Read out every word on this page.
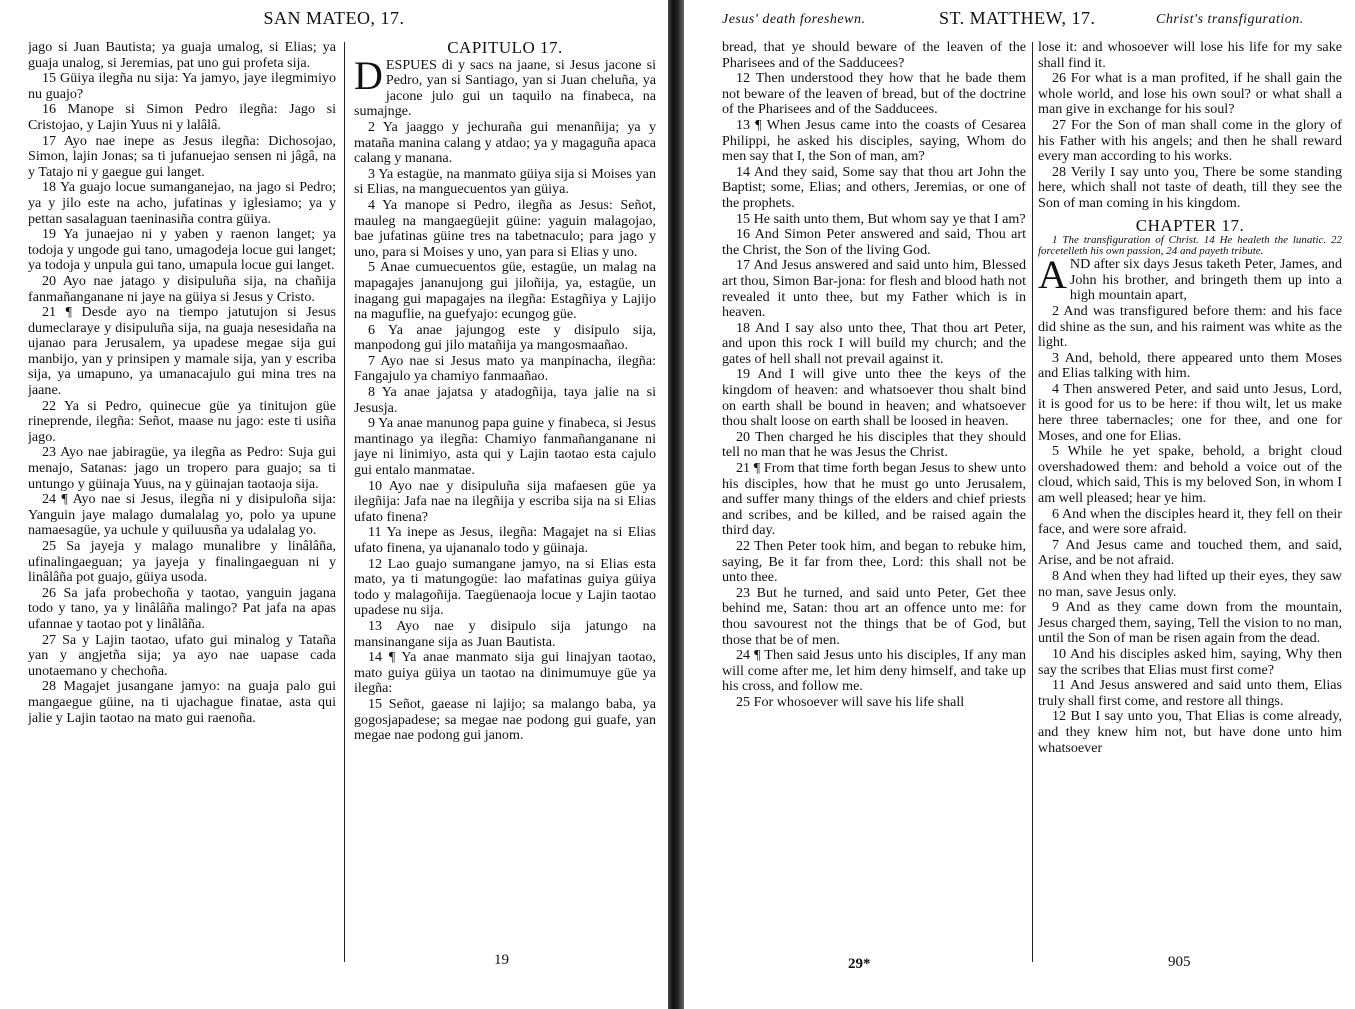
SAN MATEO, 17.

jago si Juan Bautista; ya guaja umalog, si Elias; ya guaja unalog, si Jeremias, pat uno gui profeta sija.

15 Güiya ilegña nu sija: Ya jamyo, jaye ilegmimiyo nu guajo?

16 Manope si Simon Pedro ilegña: Jago si Cristojao, y Lajin Yuus ni y lalâlâ.

17 Ayo nae inepe as Jesus ilegña: Dichosojao, Simon, lajin Jonas; sa ti jufanuejao sensen ni jâgâ, na y Tatajo ni y gaegue gui langet.

18 Ya guajo locue sumanganejao, na jago si Pedro; ya y jilo este na acho, jufatinas y iglesiamo; ya y pettan sasalaguan taeninasiña contra güiya.

19 Ya junaejao ni y yaben y raenon langet; ya todoja y ungode gui tano, umagodeja locue gui langet; ya todoja y unpula gui tano, umapula locue gui langet.

20 Ayo nae jatago y disipuluña sija, na chañija fanmañanganane ni jaye na güiya si Jesus y Cristo.

21 ¶ Desde ayo na tiempo jatutujon si Jesus dumeclaraye y disipuluña sija, na guaja nesesidaña na ujanao para Jerusalem, ya upadese megae sija gui manbijo, yan y prinsipen y mamale sija, yan y escriba sija, ya umapuno, ya umanacajulo gui mina tres na jaane.

22 Ya si Pedro, quinecue güe ya tinitujon güe rineprende, ilegña: Señot, maase nu jago: este ti usiña jago.

23 Ayo nae jabiragüe, ya ilegña as Pedro: Suja gui menajo, Satanas: jago un tropero para guajo; sa ti untungo y güinaja Yuus, na y güinajan taotaoja sija.

24 ¶ Ayo nae si Jesus, ilegña ni y disipuloña sija: Yanguin jaye malago dumalalag yo, polo ya upune namaesagüe, ya uchule y quiluusña ya udalalag yo.

25 Sa jayeja y malago munalibre y linâlâña, ufinalingaeguan; ya jayeja y finalingaeguan ni y linâlâña pot guajo, güiya usoda.

26 Sa jafa probechoña y taotao, yanguin jagana todo y tano, ya y linâlâña malingo? Pat jafa na apas ufannae y taotao pot y linâlâña.

27 Sa y Lajin taotao, ufato gui minalog y Tataña yan y angjetña sija; ya ayo nae uapase cada unotaemano y chechoña.

28 Magajet jusangane jamyo: na guaja palo gui mangaegue güine, na ti ujachague finatae, asta qui jalie y Lajin taotao na mato gui raenoña.

CAPITULO 17.

DESPUES di y sacs na jaane, si Jesus jacone si Pedro, yan si Santiago, yan si Juan cheluña, ya jacone julo gui un taquilo na finabeca, na sumajnge.

2 Ya jaaggo y jechuraña gui menanñija; ya y mataña manina calang y atdao; ya y magaguña apaca calang y manana.

3 Ya estagüe, na manmato güiya sija si Moises yan si Elias, na manguecuentos yan güiya.

4 Ya manope si Pedro, ilegña as Jesus: Señot, mauleg na mangaegüejit güine: yaguin malagojao, bae jufatinas güine tres na tabetnaculo; para jago y uno, para si Moises y uno, yan para si Elias y uno.

5 Anae cumuecuentos güe, estagüe, un malag na mapagajes jananujong gui jiloñija, ya, estagüe, un inagang gui mapagajes na ilegña: Estagñiya y Lajijo na maguflie, na guefyajo: ecungog güe.

6 Ya anae jajungog este y disipulo sija, manpodong gui jilo matañija ya mangosmaañao.

7 Ayo nae si Jesus mato ya manpinacha, ilegña: Fangajulo ya chamiyo fanmaañao.

8 Ya anae jajatsa y atadogñija, taya jalie na si Jesusja.

9 Ya anae manunog papa guine y finabeca, si Jesus mantinago ya ilegña: Chamiyo fanmañanganane ni jaye ni linimiyo, asta qui y Lajin taotao esta cajulo gui entalo manmatae.

10 Ayo nae y disipuluña sija mafaesen güe ya ilegñija: Jafa nae na ilegñija y escriba sija na si Elias ufato finena?

11 Ya inepe as Jesus, ilegña: Magajet na si Elias ufato finena, ya ujananalo todo y güinaja.

12 Lao guajo sumangane jamyo, na si Elias esta mato, ya ti matungogüe: lao mafatinas guiya güiya todo y malagoñija. Taegüenaoja locue y Lajin taotao upadese nu sija.

13 Ayo nae y disipulo sija jatungo na mansinangane sija as Juan Bautista.

14 ¶ Ya anae manmato sija gui linajyan taotao, mato guiya güiya un taotao na dinimumuye güe ya ilegña:

15 Señot, gaease ni lajijo; sa malango baba, ya gogosjapadese; sa megae nae podong gui guafe, yan megae nae podong gui janom.

19
Jesus' death foreshewn.	ST. MATTHEW, 17.	Christ's transfiguration.

bread, that ye should beware of the leaven of the Pharisees and of the Sadducees?

12 Then understood they how that he bade them not beware of the leaven of bread, but of the doctrine of the Pharisees and of the Sadducees.

13 ¶ When Jesus came into the coasts of Cesarea Philippi, he asked his disciples, saying, Whom do men say that I, the Son of man, am?

14 And they said, Some say that thou art John the Baptist; some, Elias; and others, Jeremias, or one of the prophets.

15 He saith unto them, But whom say ye that I am?

16 And Simon Peter answered and said, Thou art the Christ, the Son of the living God.

17 And Jesus answered and said unto him, Blessed art thou, Simon Bar-jona: for flesh and blood hath not revealed it unto thee, but my Father which is in heaven.

18 And I say also unto thee, That thou art Peter, and upon this rock I will build my church; and the gates of hell shall not prevail against it.

19 And I will give unto thee the keys of the kingdom of heaven: and whatsoever thou shalt bind on earth shall be bound in heaven; and whatsoever thou shalt loose on earth shall be loosed in heaven.

20 Then charged he his disciples that they should tell no man that he was Jesus the Christ.

21 ¶ From that time forth began Jesus to shew unto his disciples, how that he must go unto Jerusalem, and suffer many things of the elders and chief priests and scribes, and be killed, and be raised again the third day.

22 Then Peter took him, and began to rebuke him, saying, Be it far from thee, Lord: this shall not be unto thee.

23 But he turned, and said unto Peter, Get thee behind me, Satan: thou art an offence unto me: for thou savourest not the things that be of God, but those that be of men.

24 ¶ Then said Jesus unto his disciples, If any man will come after me, let him deny himself, and take up his cross, and follow me.

25 For whosoever will save his life shall

lose it: and whosoever will lose his life for my sake shall find it.

26 For what is a man profited, if he shall gain the whole world, and lose his own soul? or what shall a man give in exchange for his soul?

27 For the Son of man shall come in the glory of his Father with his angels; and then he shall reward every man according to his works.

28 Verily I say unto you, There be some standing here, which shall not taste of death, till they see the Son of man coming in his kingdom.

CHAPTER 17.

1 The transfiguration of Christ. 14 He healeth the lunatic. 22 forcetelleth his own passion, 24 and payeth tribute.

AND after six days Jesus taketh Peter, James, and John his brother, and bringeth them up into a high mountain apart,

2 And was transfigured before them: and his face did shine as the sun, and his raiment was white as the light.

3 And, behold, there appeared unto them Moses and Elias talking with him.

4 Then answered Peter, and said unto Jesus, Lord, it is good for us to be here: if thou wilt, let us make here three tabernacles; one for thee, and one for Moses, and one for Elias.

5 While he yet spake, behold, a bright cloud overshadowed them: and behold a voice out of the cloud, which said, This is my beloved Son, in whom I am well pleased; hear ye him.

6 And when the disciples heard it, they fell on their face, and were sore afraid.

7 And Jesus came and touched them, and said, Arise, and be not afraid.

8 And when they had lifted up their eyes, they saw no man, save Jesus only.

9 And as they came down from the mountain, Jesus charged them, saying, Tell the vision to no man, until the Son of man be risen again from the dead.

10 And his disciples asked him, saying, Why then say the scribes that Elias must first come?

11 And Jesus answered and said unto them, Elias truly shall first come, and restore all things.

12 But I say unto you, That Elias is come already, and they knew him not, but have done unto him whatsoever

29*	905
